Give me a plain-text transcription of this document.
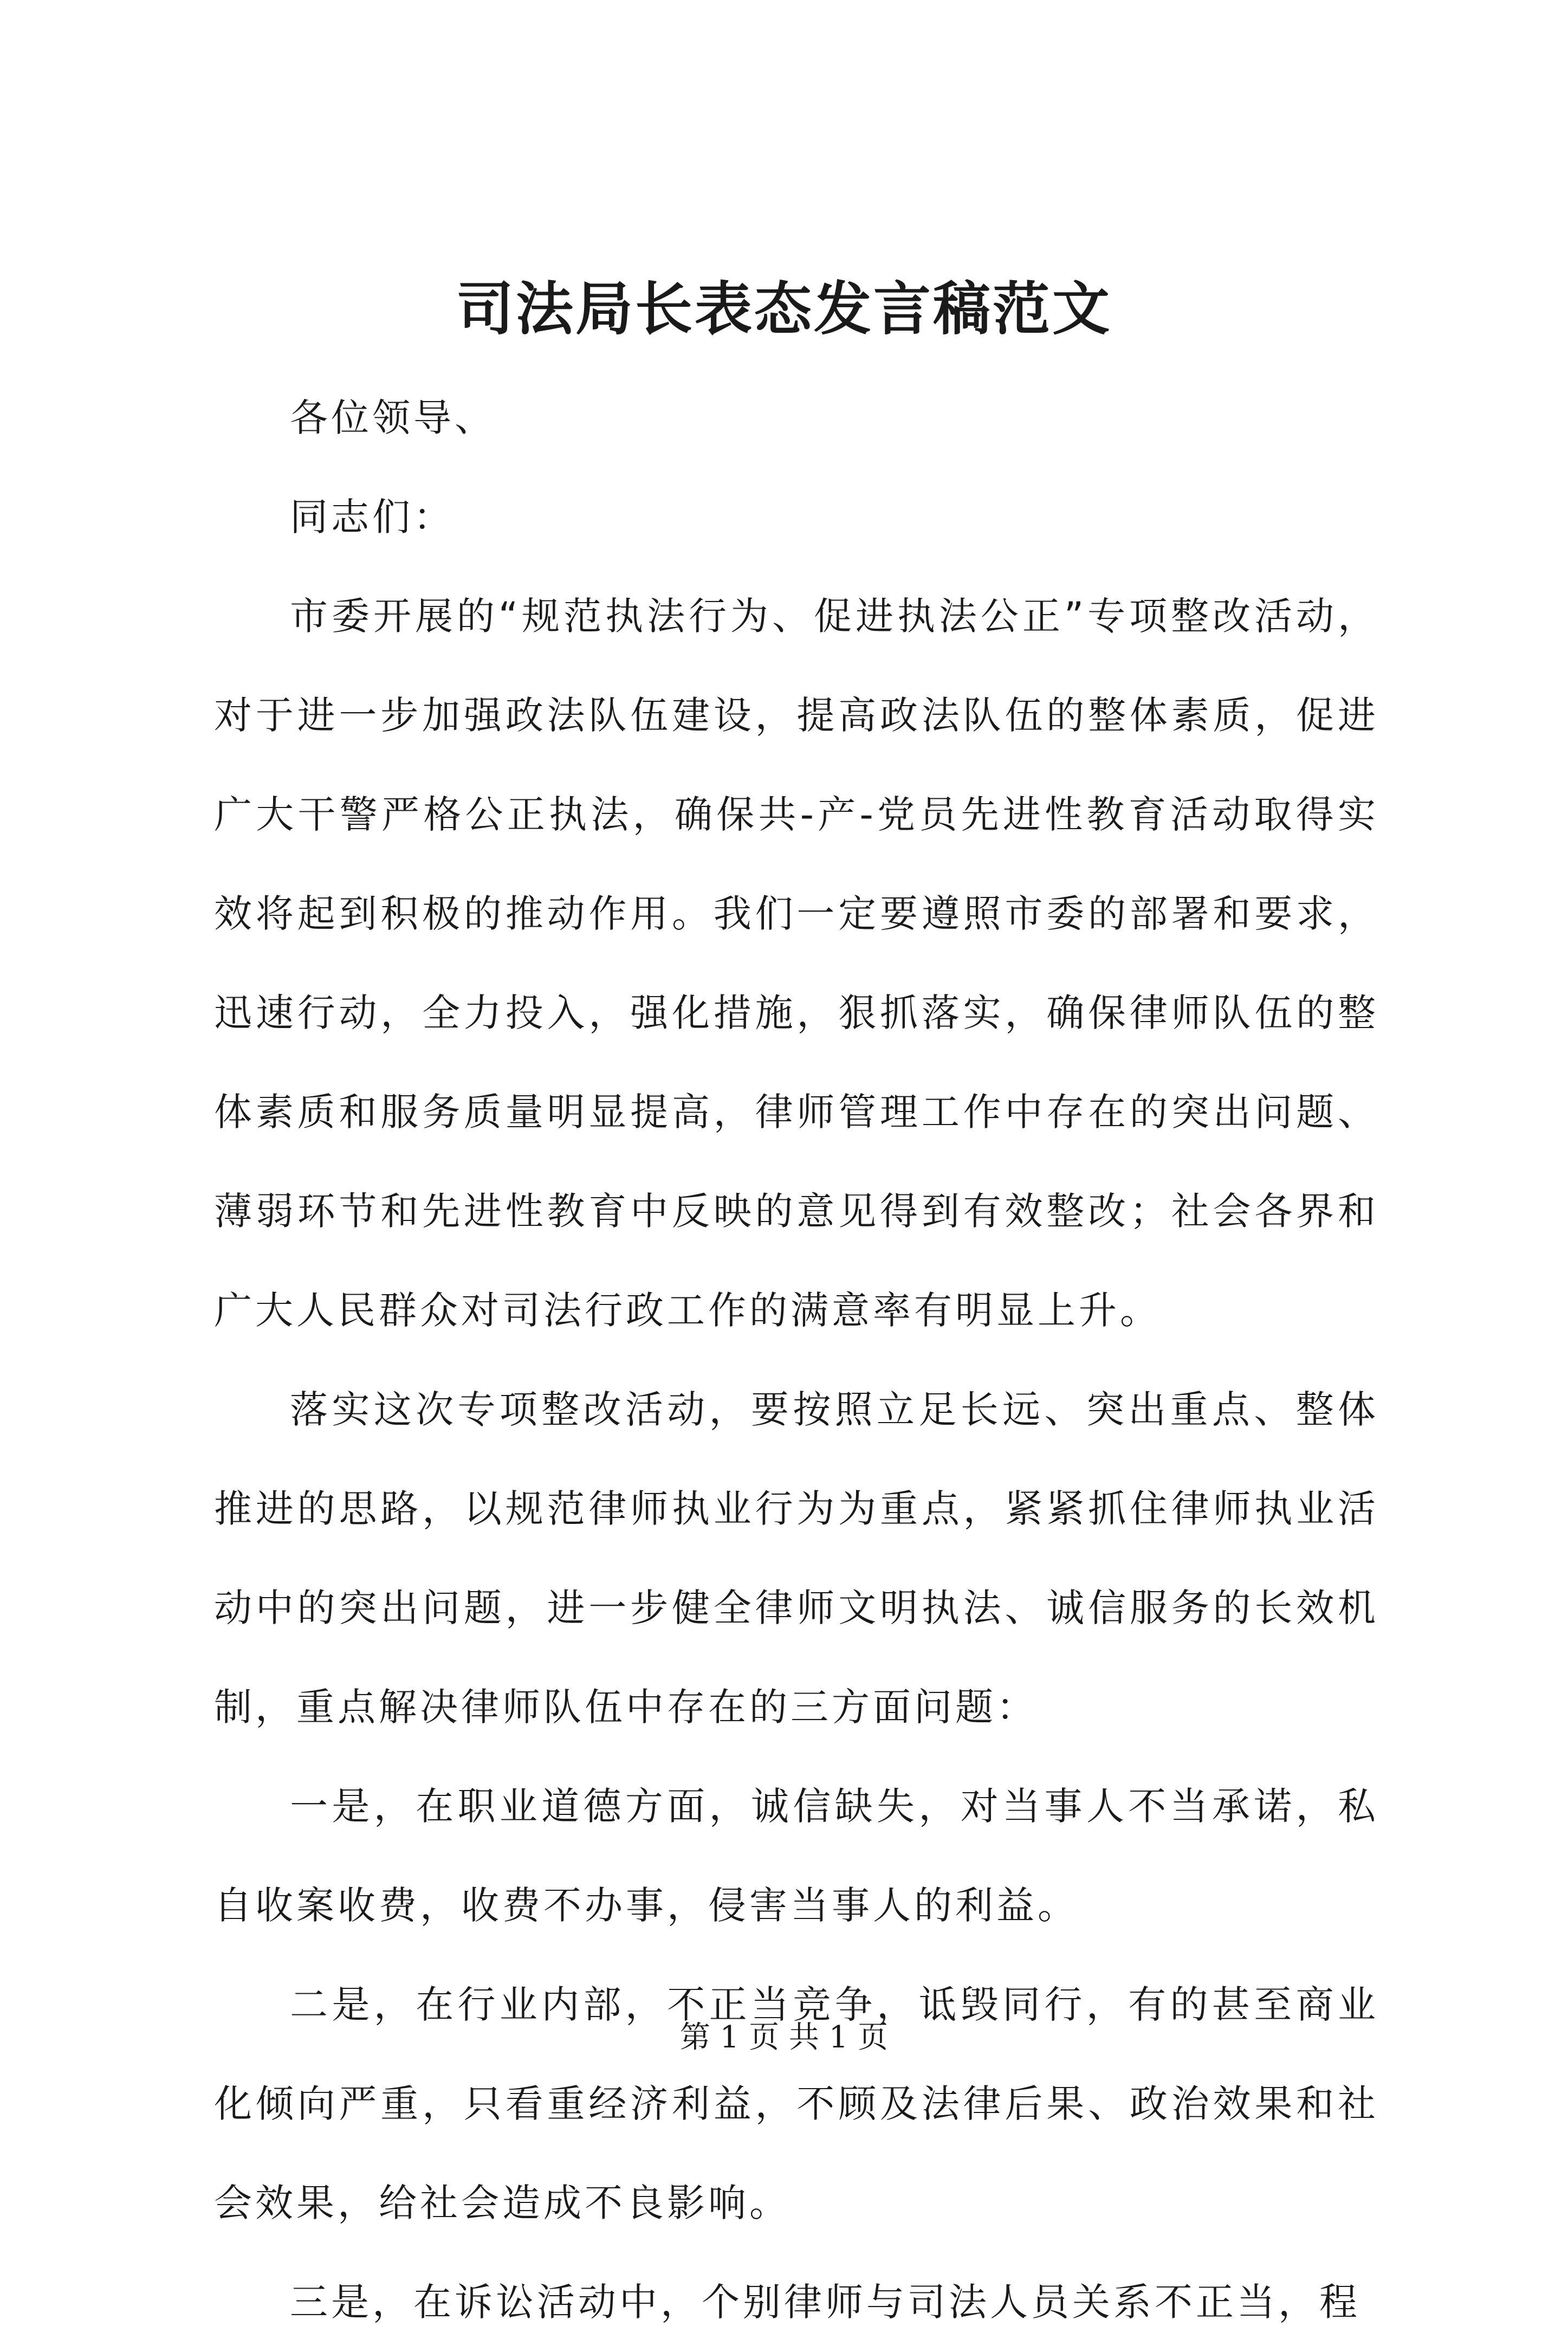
司法局长表态发言稿范文

各位领导、

同志们：

市委开展的“规范执法行为、促进执法公正”专项整改活动，对于进一步加强政法队伍建设，提高政法队伍的整体素质，促进广大干警严格公正执法，确保共-产-党员先进性教育活动取得实效将起到积极的推动作用。我们一定要遵照市委的部署和要求，迅速行动，全力投入，强化措施，狠抓落实，确保律师队伍的整体素质和服务质量明显提高，律师管理工作中存在的突出问题、薄弱环节和先进性教育中反映的意见得到有效整改；社会各界和广大人民群众对司法行政工作的满意率有明显上升。

落实这次专项整改活动，要按照立足长远、突出重点、整体推进的思路，以规范律师执业行为为重点，紧紧抓住律师执业活动中的突出问题，进一步健全律师文明执法、诚信服务的长效机制，重点解决律师队伍中存在的三方面问题：

一是，在职业道德方面，诚信缺失，对当事人不当承诺，私自收案收费，收费不办事，侵害当事人的利益。

二是，在行业内部，不正当竞争，诋毁同行，有的甚至商业化倾向严重，只看重经济利益，不顾及法律后果、政治效果和社会效果，给社会造成不良影响。

三是，在诉讼活动中，个别律师与司法人员关系不正当，程

第 1 页 共 1 页
